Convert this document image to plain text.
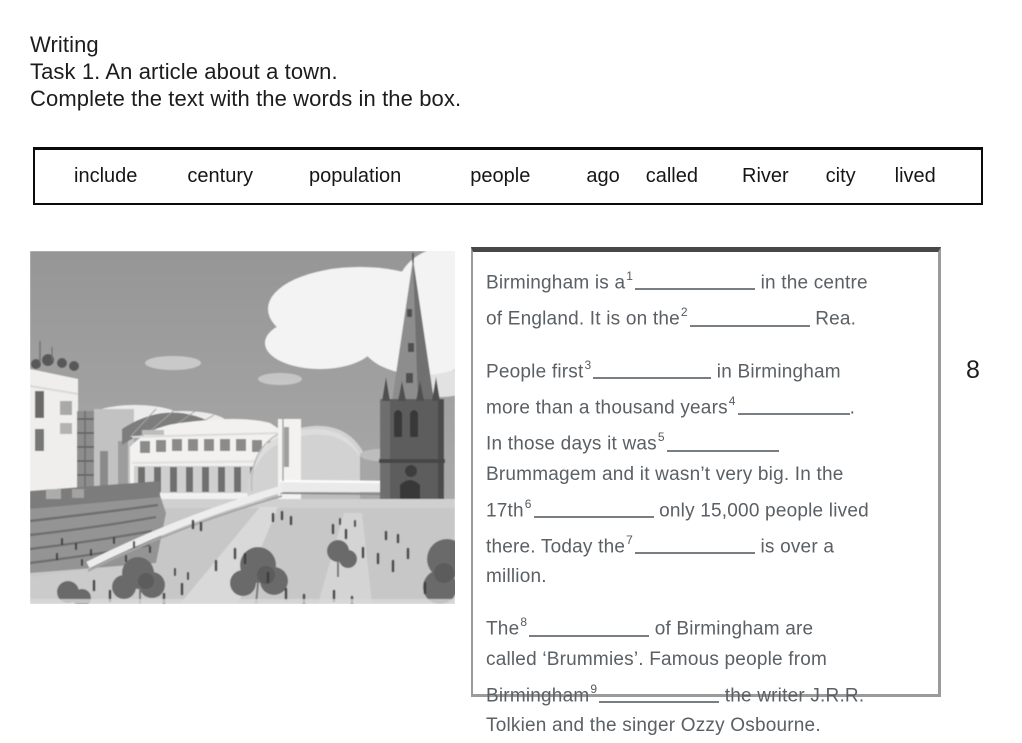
Writing
Task 1. An article about a town.
Complete the text with the words in the box.
include	century	population	people	ago called River city lived
Birmingham is $a^1$	in the centre
of England. It is on the$^2$	Rea.
People first$^3$	in Birmingham
more than a thousand years$^4$	.
In those days it was$^5$
Brummagem and it wasn’t very big. In the
$17th^6$	only 15,000 people lived
there. Today the$^7$	is over a
million.
The$^8$	of Birmingham are
called ‘Brummies’. Famous people from
Birmingham$^9$	the writer J.R.R.
Tolkien and the singer Ozzy Osbourne.
8
